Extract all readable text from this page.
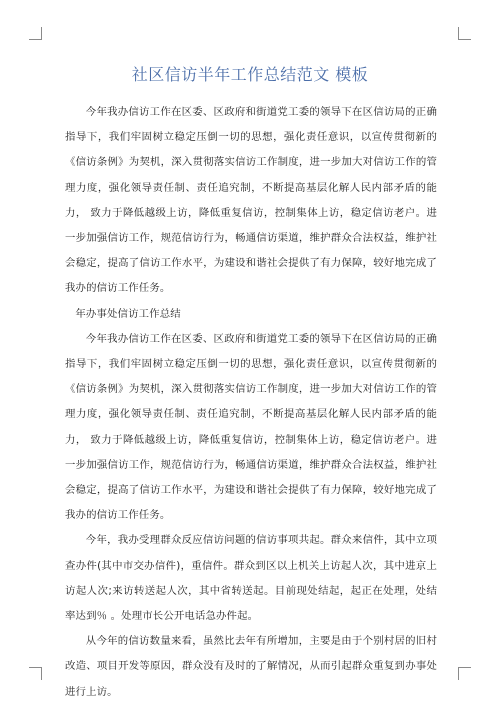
社区信访半年工作总结范文 模板

今年我办信访工作在区委、区政府和街道党工委的领导下在区信访局的正确指导下，我们牢固树立稳定压倒一切的思想，强化责任意识，以宣传贯彻新的《信访条例》为契机，深入贯彻落实信访工作制度，进一步加大对信访工作的管理力度，强化领导责任制、责任追究制，不断提高基层化解人民内部矛盾的能力， 致力于降低越级上访，降低重复信访，控制集体上访，稳定信访老户。进一步加强信访工作，规范信访行为，畅通信访渠道，维护群众合法权益，维护社会稳定，提高了信访工作水平，为建设和谐社会提供了有力保障，较好地完成了我办的信访工作任务。

年办事处信访工作总结

今年我办信访工作在区委、区政府和街道党工委的领导下在区信访局的正确指导下，我们牢固树立稳定压倒一切的思想，强化责任意识，以宣传贯彻新的《信访条例》为契机，深入贯彻落实信访工作制度，进一步加大对信访工作的管理力度，强化领导责任制、责任追究制，不断提高基层化解人民内部矛盾的能力， 致力于降低越级上访，降低重复信访，控制集体上访，稳定信访老户。进一步加强信访工作，规范信访行为，畅通信访渠道，维护群众合法权益，维护社会稳定，提高了信访工作水平，为建设和谐社会提供了有力保障，较好地完成了我办的信访工作任务。

今年，我办受理群众反应信访问题的信访事项共起。群众来信件，其中立项查办件(其中市交办信件)，重信件。群众到区以上机关上访起人次，其中进京上访起人次;来访转送起人次，其中省转送起。目前现处结起，起正在处理，处结率达到％ 。处理市长公开电话急办件起。

从今年的信访数量来看，虽然比去年有所增加，主要是由于个别村居的旧村改造、项目开发等原因，群众没有及时的了解情况，从而引起群众重复到办事处进行上访。
